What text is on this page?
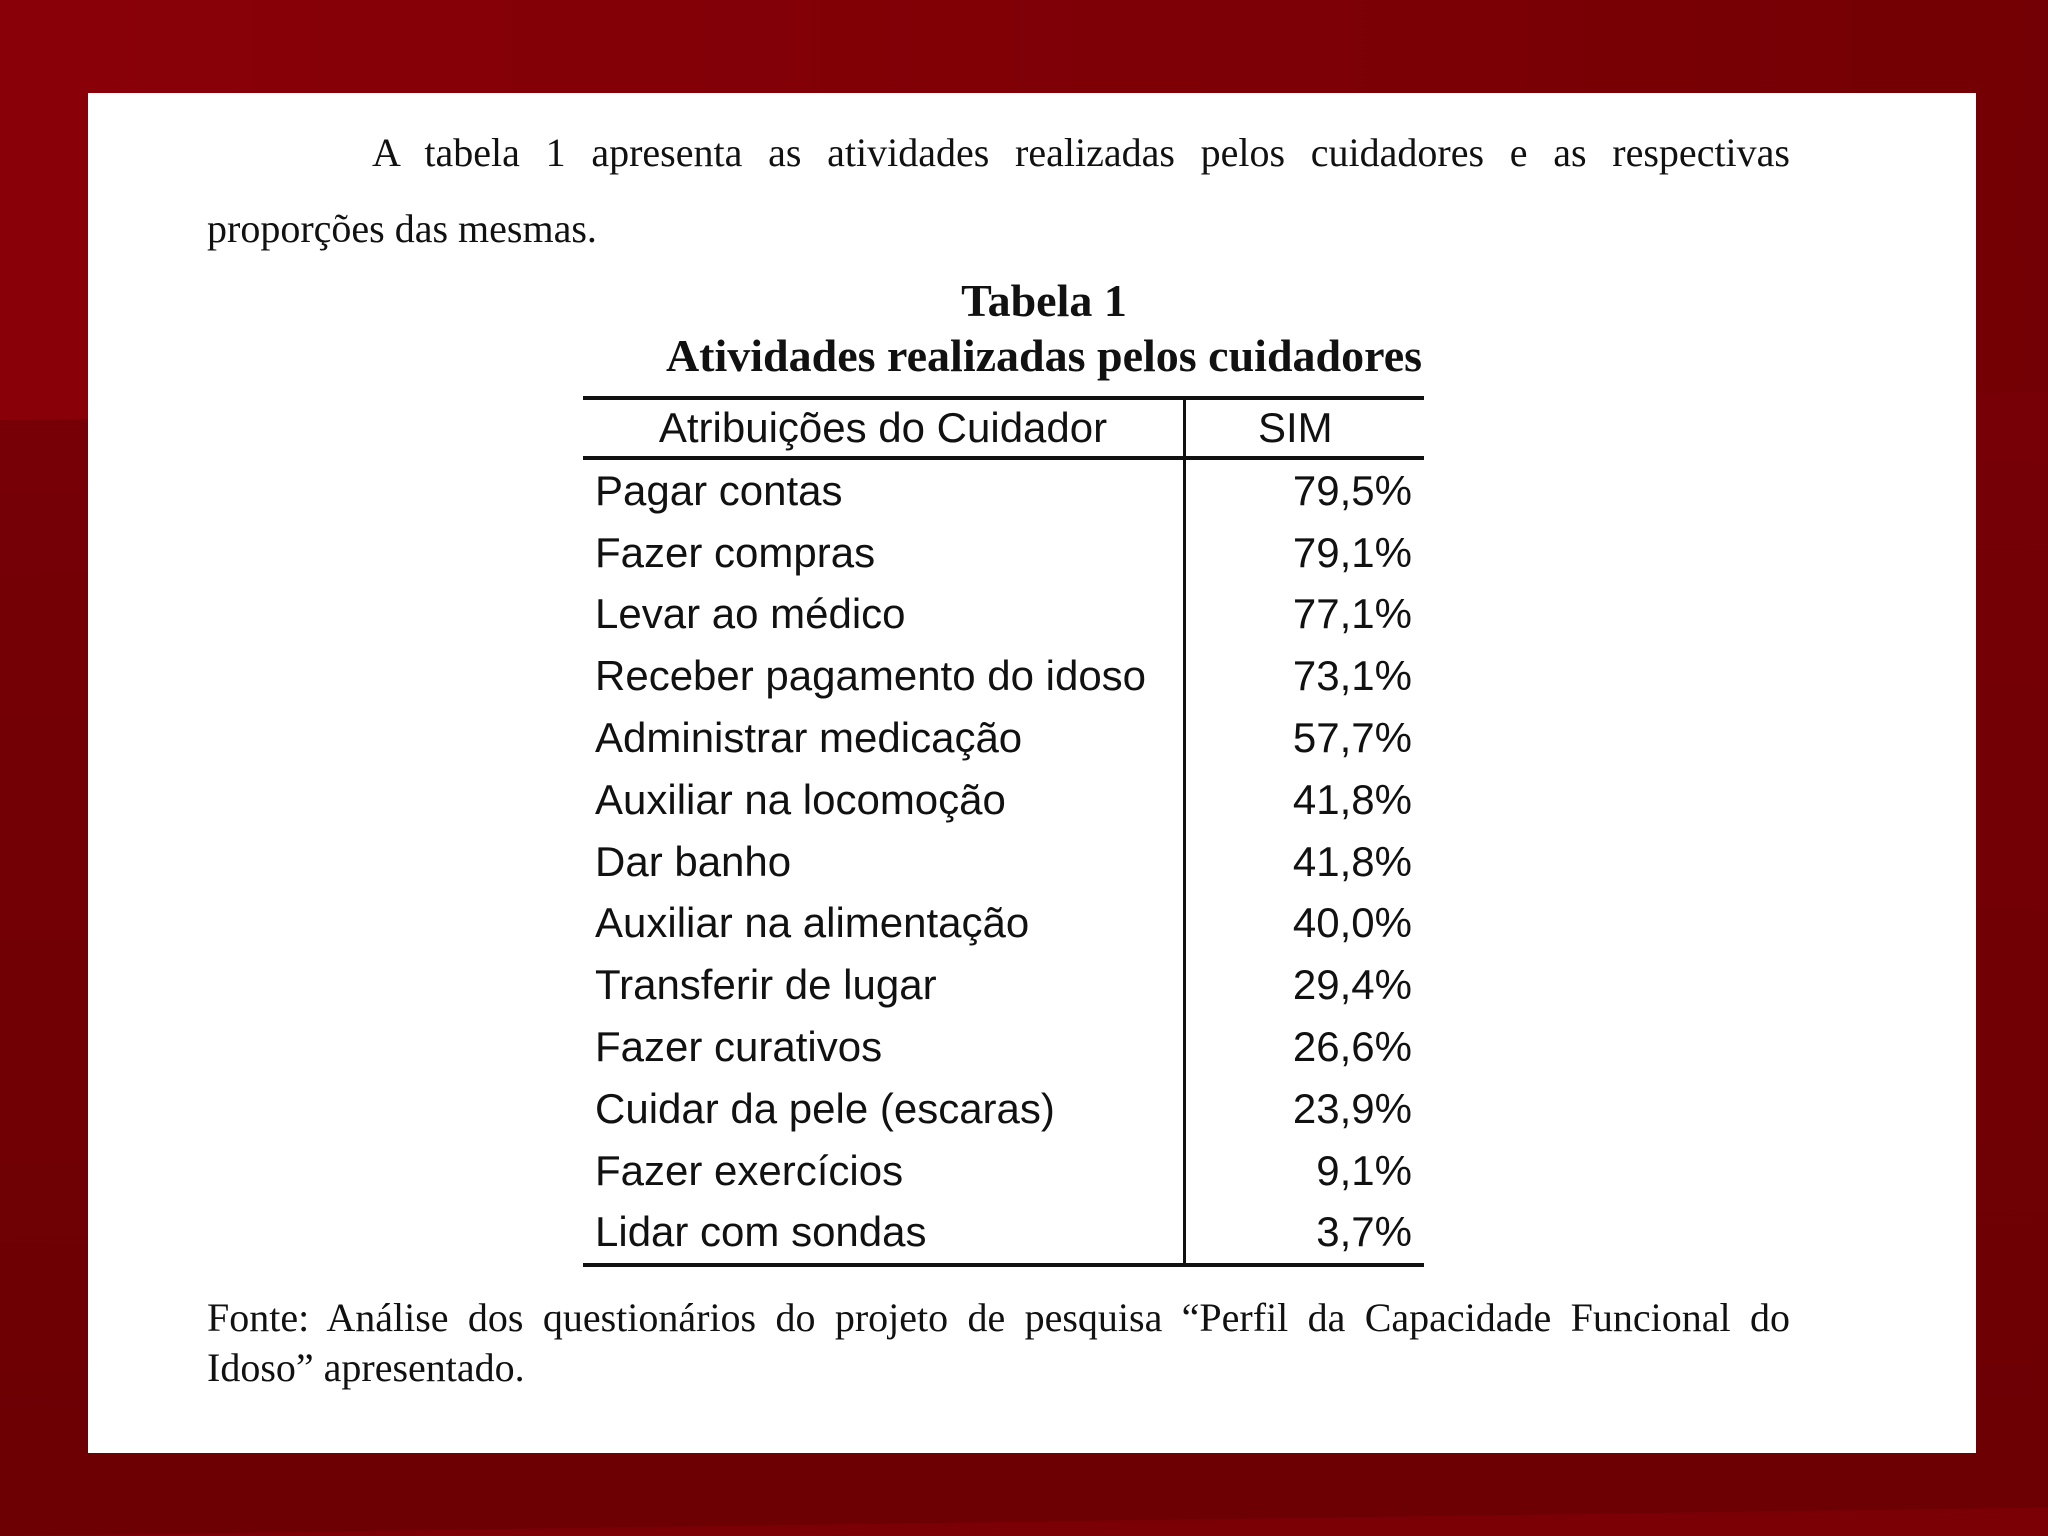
A tabela 1 apresenta as atividades realizadas pelos cuidadores e as respectivas proporções das mesmas.

Tabela 1

Atividades realizadas pelos cuidadores

Atribuições do Cuidador	SIM
Pagar contas	79,5%
Fazer compras	79,1%
Levar ao médico	77,1%
Receber pagamento do idoso	73,1%
Administrar medicação	57,7%
Auxiliar na locomoção	41,8%
Dar banho	41,8%
Auxiliar na alimentação	40,0%
Transferir de lugar	29,4%
Fazer curativos	26,6%
Cuidar da pele (escaras)	23,9%
Fazer exercícios	9,1%
Lidar com sondas	3,7%

Fonte: Análise dos questionários do projeto de pesquisa “Perfil da Capacidade Funcional do Idoso” apresentado.
